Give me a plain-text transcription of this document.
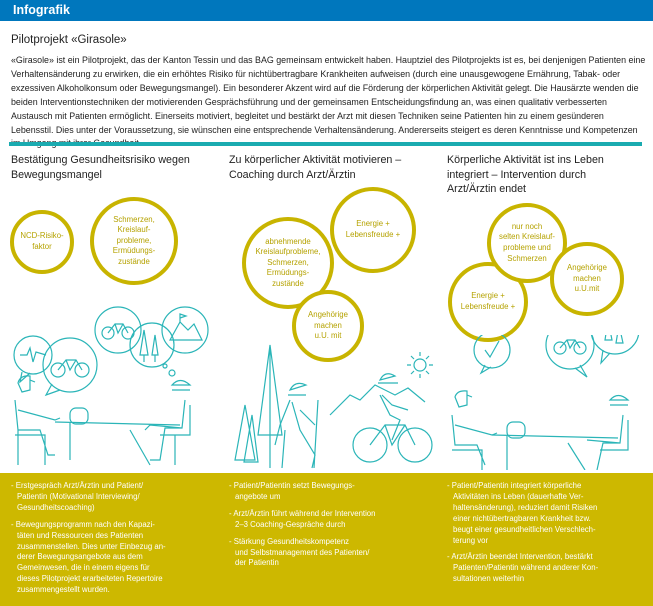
Infografik
Pilotprojekt «Girasole»
«Girasole» ist ein Pilotprojekt, das der Kanton Tessin und das BAG gemeinsam entwickelt haben. Hauptziel des Pilotprojekts ist es, bei denjenigen Patienten eine Verhaltensänderung zu erwirken, die ein erhöhtes Risiko für nichtübertragbare Krankheiten aufweisen (durch eine unausgewogene Ernährung, Tabak- oder exzessiven Alkoholkonsum oder Bewegungsmangel). Ein besonderer Akzent wird auf die Förderung der körperlichen Aktivität gelegt. Die Hausärzte wenden die beiden Interventionstechniken der motivierenden Gesprächsführung und der gemeinsamen Entscheidungsfindung an, was einen qualitativ verbesserten Austausch mit Patienten ermöglicht. Einerseits motiviert, begleitet und bestärkt der Arzt mit diesen Techniken seine Patienten hin zu einem gesünderen Lebensstil. Dies unter der Voraussetzung, sie wünschen eine entsprechende Verhaltensänderung. Andererseits steigert es deren Kenntnisse und Kompetenzen
Bestätigung Gesundheitsrisiko wegen
Bewegungsmangel
Zu körperlicher Aktivität motivieren –
Coaching durch Arzt/Ärztin
Körperliche Aktivität ist ins Leben
integriert – Intervention durch
Arzt/Ärztin endet
NCD-Risiko-
faktor
Schmerzen,
Kreislauf-
probleme,
Ermüdungs-
zustände
Energie +
Lebensfreude +
abnehmende
Kreislaufprobleme,
Schmerzen,
Ermüdungs-
zustände
Angehörige
machen
u.U. mit
Energie +
Lebensfreude +
nur noch
selten Kreislauf-
probleme und
Schmerzen
Angehörige
machen
u.U.mit
- Erstgespräch Arzt/Ärztin und Patient/
Patientin (Motivational Interviewing/
Gesundheitscoaching)
- Bewegungsprogramm nach den Kapazi-
täten und Ressourcen des Patienten
zusammenstellen. Dies unter Einbezug an-
derer Bewegungsangebote aus dem
Gemeinwesen, die in einem eigens für
dieses Pilotprojekt erarbeiteten Repertoire
zusammengestellt wurden.
- Patient/Patientin setzt Bewegungs-
angebote um
- Arzt/Ärztin führt während der Intervention
2–3 Coaching-Gespräche durch
- Stärkung Gesundheitskompetenz
und Selbstmanagement des Patienten/
der Patientin
- Patient/Patientin integriert körperliche
Aktivitäten ins Leben (dauerhafte Ver-
haltensänderung), reduziert damit Risiken
einer nichtübertragbaren Krankheit bzw.
beugt einer gesundheitlichen Verschlech-
terung vor
- Arzt/Ärztin beendet Intervention, bestärkt
Patienten/Patientin während anderer Kon-
sultationen weiterhin
